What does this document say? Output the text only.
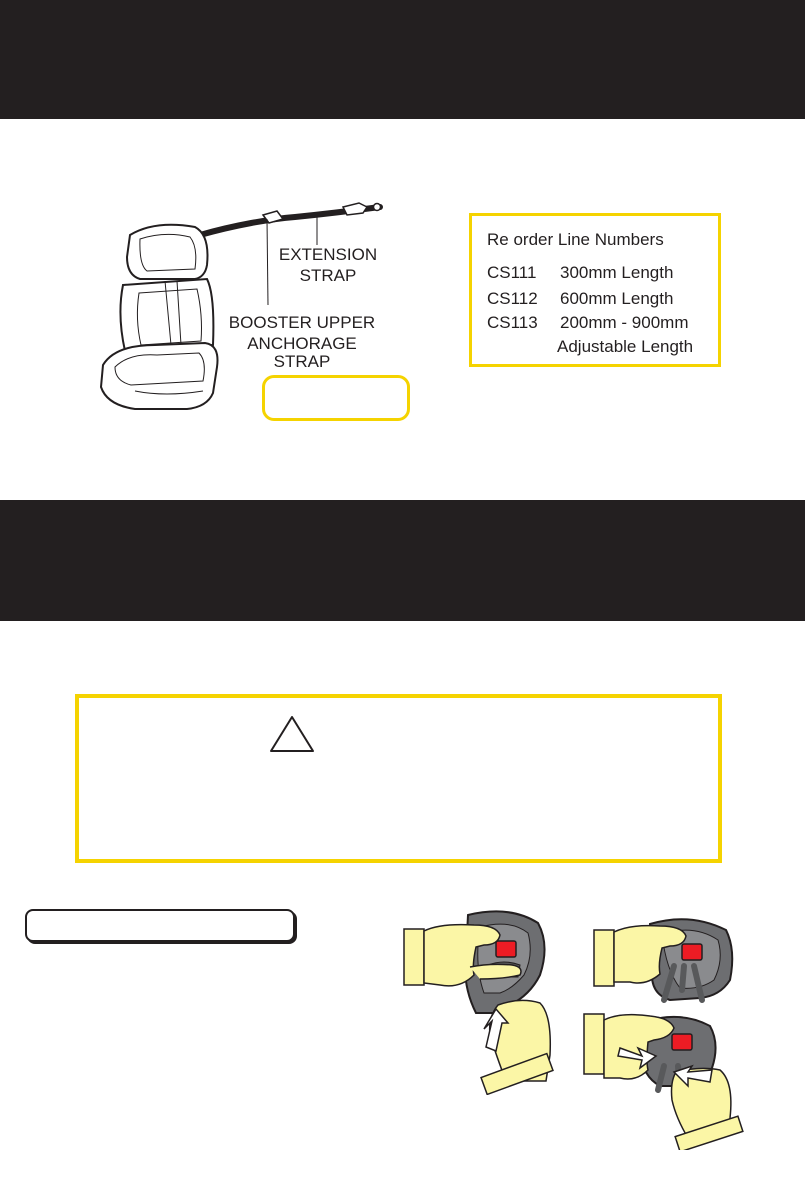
EXTENSION
STRAP
BOOSTER UPPER
ANCHORAGE STRAP
Re order Line Numbers
CS111 300mm Length
CS112 600mm Length
CS113 200mm - 900mm
Adjustable Length
